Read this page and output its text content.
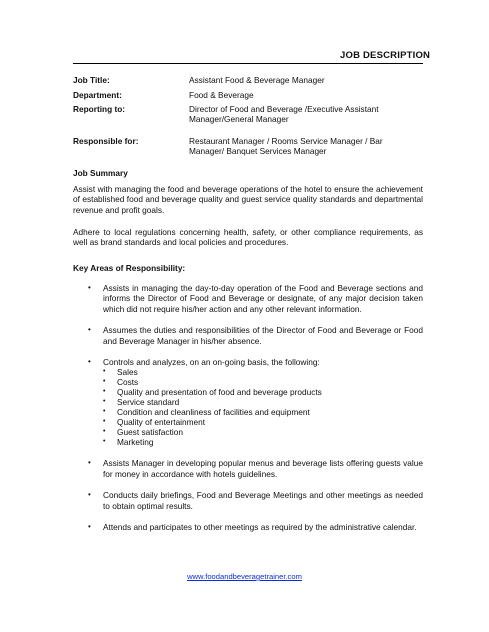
JOB DESCRIPTION
Job Title:	Assistant Food & Beverage Manager
Department:	Food & Beverage
Reporting to:	Director of Food and Beverage /Executive Assistant Manager/General Manager
Responsible for:	Restaurant Manager / Rooms Service Manager / Bar Manager/ Banquet Services Manager
Job Summary
Assist with managing the food and beverage operations of the hotel to ensure the achievement of established food and beverage quality and guest service quality standards and departmental revenue and profit goals.
Adhere to local regulations concerning health, safety, or other compliance requirements, as well as brand standards and local policies and procedures.
Key Areas of Responsibility:
• Assists in managing the day-to-day operation of the Food and Beverage sections and informs the Director of Food and Beverage or designate, of any major decision taken which did not require his/her action and any other relevant information.
• Assumes the duties and responsibilities of the Director of Food and Beverage or Food and Beverage Manager in his/her absence.
• Controls and analyzes, on an on-going basis, the following:
• Sales
• Costs
• Quality and presentation of food and beverage products
• Service standard
• Condition and cleanliness of facilities and equipment
• Quality of entertainment
• Guest satisfaction
• Marketing
• Assists Manager in developing popular menus and beverage lists offering guests value for money in accordance with hotels guidelines.
• Conducts daily briefings, Food and Beverage Meetings and other meetings as needed to obtain optimal results.
• Attends and participates to other meetings as required by the administrative calendar.
www.foodandbeveragetrainer.com
